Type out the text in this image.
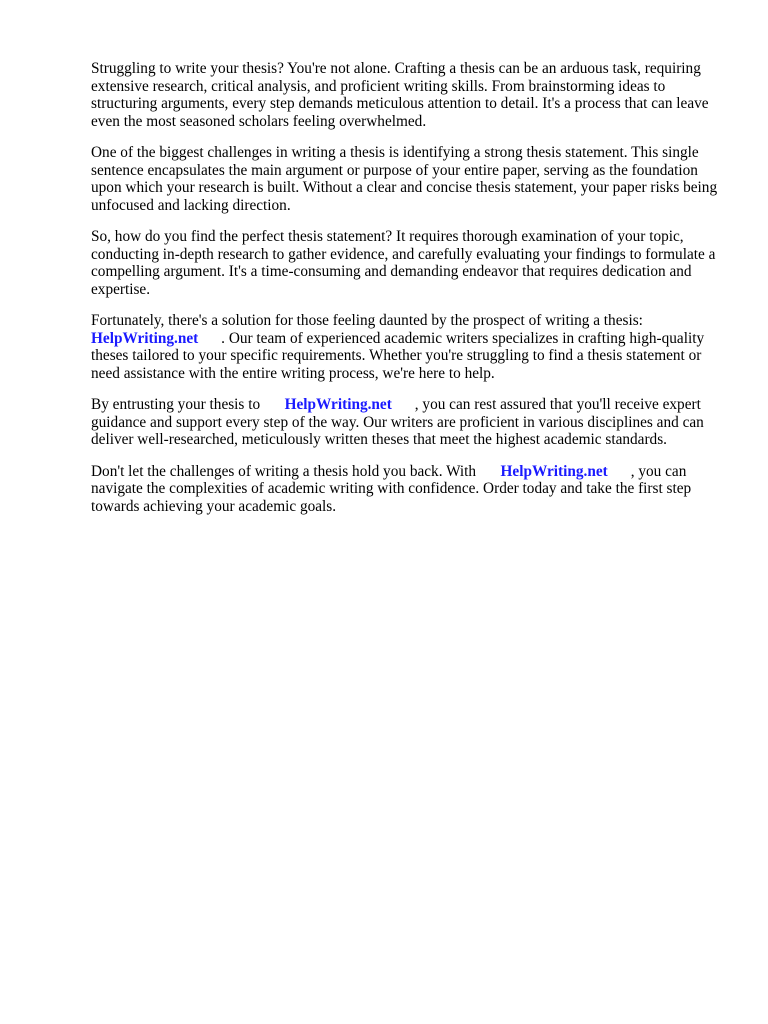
Struggling to write your thesis? You're not alone. Crafting a thesis can be an arduous task, requiring extensive research, critical analysis, and proficient writing skills. From brainstorming ideas to structuring arguments, every step demands meticulous attention to detail. It's a process that can leave even the most seasoned scholars feeling overwhelmed.

One of the biggest challenges in writing a thesis is identifying a strong thesis statement. This single sentence encapsulates the main argument or purpose of your entire paper, serving as the foundation upon which your research is built. Without a clear and concise thesis statement, your paper risks being unfocused and lacking direction.

So, how do you find the perfect thesis statement? It requires thorough examination of your topic, conducting in-depth research to gather evidence, and carefully evaluating your findings to formulate a compelling argument. It's a time-consuming and demanding endeavor that requires dedication and expertise.

Fortunately, there's a solution for those feeling daunted by the prospect of writing a thesis:
HelpWriting.net . Our team of experienced academic writers specializes in crafting high-quality theses tailored to your specific requirements. Whether you're struggling to find a thesis statement or need assistance with the entire writing process, we're here to help.

By entrusting your thesis to HelpWriting.net , you can rest assured that you'll receive expert guidance and support every step of the way. Our writers are proficient in various disciplines and can deliver well-researched, meticulously written theses that meet the highest academic standards.

Don't let the challenges of writing a thesis hold you back. With HelpWriting.net , you can navigate the complexities of academic writing with confidence. Order today and take the first step towards achieving your academic goals.
